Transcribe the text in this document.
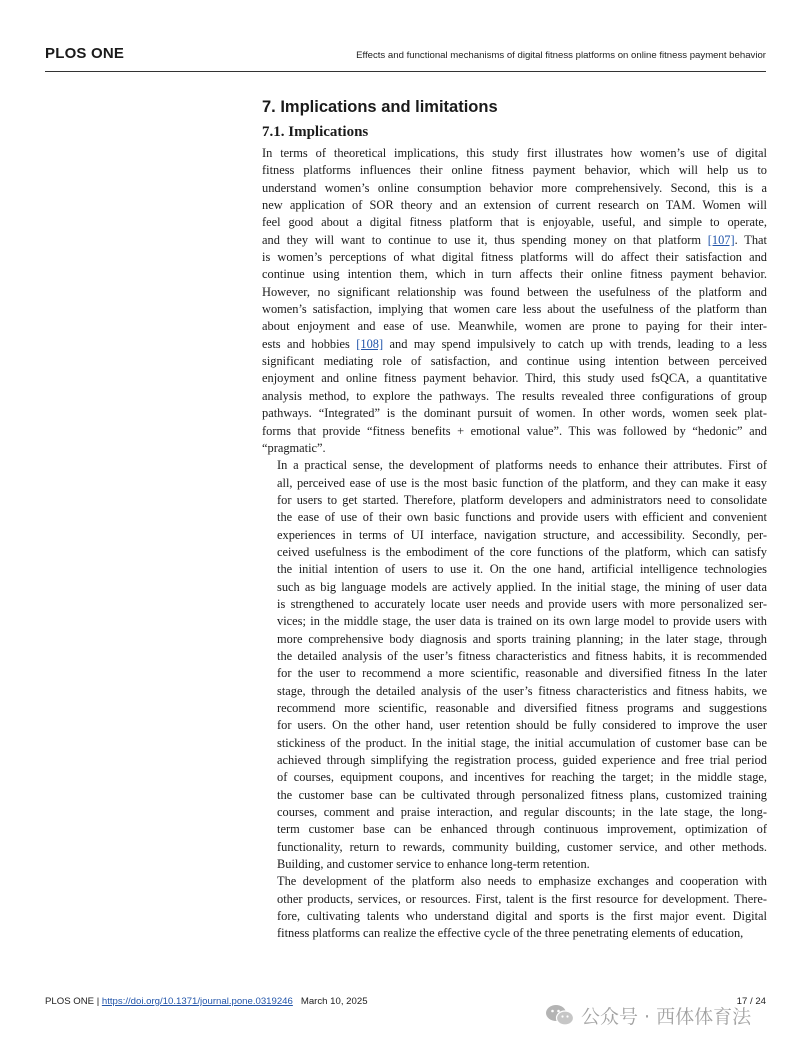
PLOS ONE	Effects and functional mechanisms of digital fitness platforms on online fitness payment behavior
7. Implications and limitations
7.1. Implications
In terms of theoretical implications, this study first illustrates how women’s use of digital
fitness platforms influences their online fitness payment behavior, which will help us to
understand women’s online consumption behavior more comprehensively. Second, this is a
new application of SOR theory and an extension of current research on TAM. Women will
feel good about a digital fitness platform that is enjoyable, useful, and simple to operate,
and they will want to continue to use it, thus spending money on that platform [107]. That
is women’s perceptions of what digital fitness platforms will do affect their satisfaction and
continue using intention them, which in turn affects their online fitness payment behavior.
However, no significant relationship was found between the usefulness of the platform and
women’s satisfaction, implying that women care less about the usefulness of the platform than
about enjoyment and ease of use. Meanwhile, women are prone to paying for their inter-
ests and hobbies [108] and may spend impulsively to catch up with trends, leading to a less
significant mediating role of satisfaction, and continue using intention between perceived
enjoyment and online fitness payment behavior. Third, this study used fsQCA, a quantitative
analysis method, to explore the pathways. The results revealed three configurations of group
pathways. “Integrated” is the dominant pursuit of women. In other words, women seek plat-
forms that provide “fitness benefits + emotional value”. This was followed by “hedonic” and
“pragmatic”.
In a practical sense, the development of platforms needs to enhance their attributes. First of
all, perceived ease of use is the most basic function of the platform, and they can make it easy
for users to get started. Therefore, platform developers and administrators need to consolidate
the ease of use of their own basic functions and provide users with efficient and convenient
experiences in terms of UI interface, navigation structure, and accessibility. Secondly, per-
ceived usefulness is the embodiment of the core functions of the platform, which can satisfy
the initial intention of users to use it. On the one hand, artificial intelligence technologies
such as big language models are actively applied. In the initial stage, the mining of user data
is strengthened to accurately locate user needs and provide users with more personalized ser-
vices; in the middle stage, the user data is trained on its own large model to provide users with
more comprehensive body diagnosis and sports training planning; in the later stage, through
the detailed analysis of the user’s fitness characteristics and fitness habits, it is recommended
for the user to recommend a more scientific, reasonable and diversified fitness In the later
stage, through the detailed analysis of the user’s fitness characteristics and fitness habits, we
recommend more scientific, reasonable and diversified fitness programs and suggestions
for users. On the other hand, user retention should be fully considered to improve the user
stickiness of the product. In the initial stage, the initial accumulation of customer base can be
achieved through simplifying the registration process, guided experience and free trial period
of courses, equipment coupons, and incentives for reaching the target; in the middle stage,
the customer base can be cultivated through personalized fitness plans, customized training
courses, comment and praise interaction, and regular discounts; in the late stage, the long-
term customer base can be enhanced through continuous improvement, optimization of
functionality, return to rewards, community building, customer service, and other methods.
Building, and customer service to enhance long-term retention.
The development of the platform also needs to emphasize exchanges and cooperation with
other products, services, or resources. First, talent is the first resource for development. There-
fore, cultivating talents who understand digital and sports is the first major event. Digital
fitness platforms can realize the effective cycle of the three penetrating elements of education,
PLOS ONE | https://doi.org/10.1371/journal.pone.0319246 March 10, 2025	17 / 24
公众号 · 西体体育法
